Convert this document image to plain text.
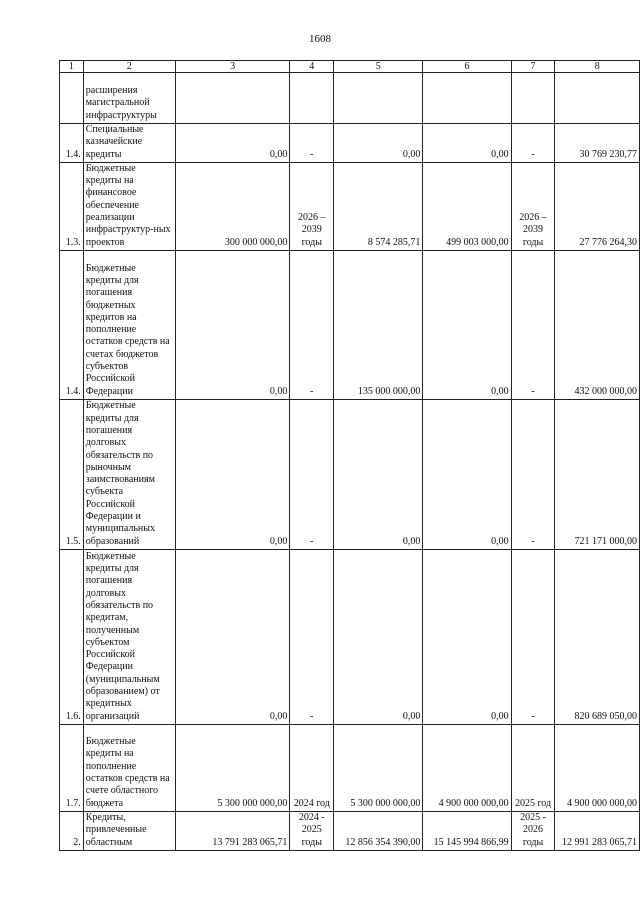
1608
1	2	3	4	5	6	7	8
	расширения магистральной инфраструктуры						
1.4.	Специальные казначейские кредиты	0,00	-	0,00	0,00	-	30 769 230,77
1.3.	Бюджетные кредиты на финансовое обеспечение реализации инфраструктур-ных проектов	300 000 000,00	2026 – 2039 годы	8 574 285,71	499 003 000,00	2026 – 2039 годы	27 776 264,30
1.4.	Бюджетные кредиты для погашения бюджетных кредитов на пополнение остатков средств на счетах бюджетов субъектов Российской Федерации	0,00	-	135 000 000,00	0,00	-	432 000 000,00
1.5.	Бюджетные кредиты для погашения долговых обязательств по рыночным заимствованиям субъекта Российской Федерации и муниципальных образований	0,00	-	0,00	0,00	-	721 171 000,00
1.6.	Бюджетные кредиты для погашения долговых обязательств по кредитам, полученным субъектом Российской Федерации (муниципальным образованием) от кредитных организаций	0,00	-	0,00	0,00	-	820 689 050,00
1.7.	Бюджетные кредиты на пополнение остатков средств на счете областного бюджета	5 300 000 000,00	2024 год	5 300 000 000,00	4 900 000 000,00	2025 год	4 900 000 000,00
2.	Кредиты, привлеченные областным	13 791 283 065,71	2024 - 2025 годы	12 856 354 390,00	15 145 994 866,99	2025 - 2026 годы	12 991 283 065,71
